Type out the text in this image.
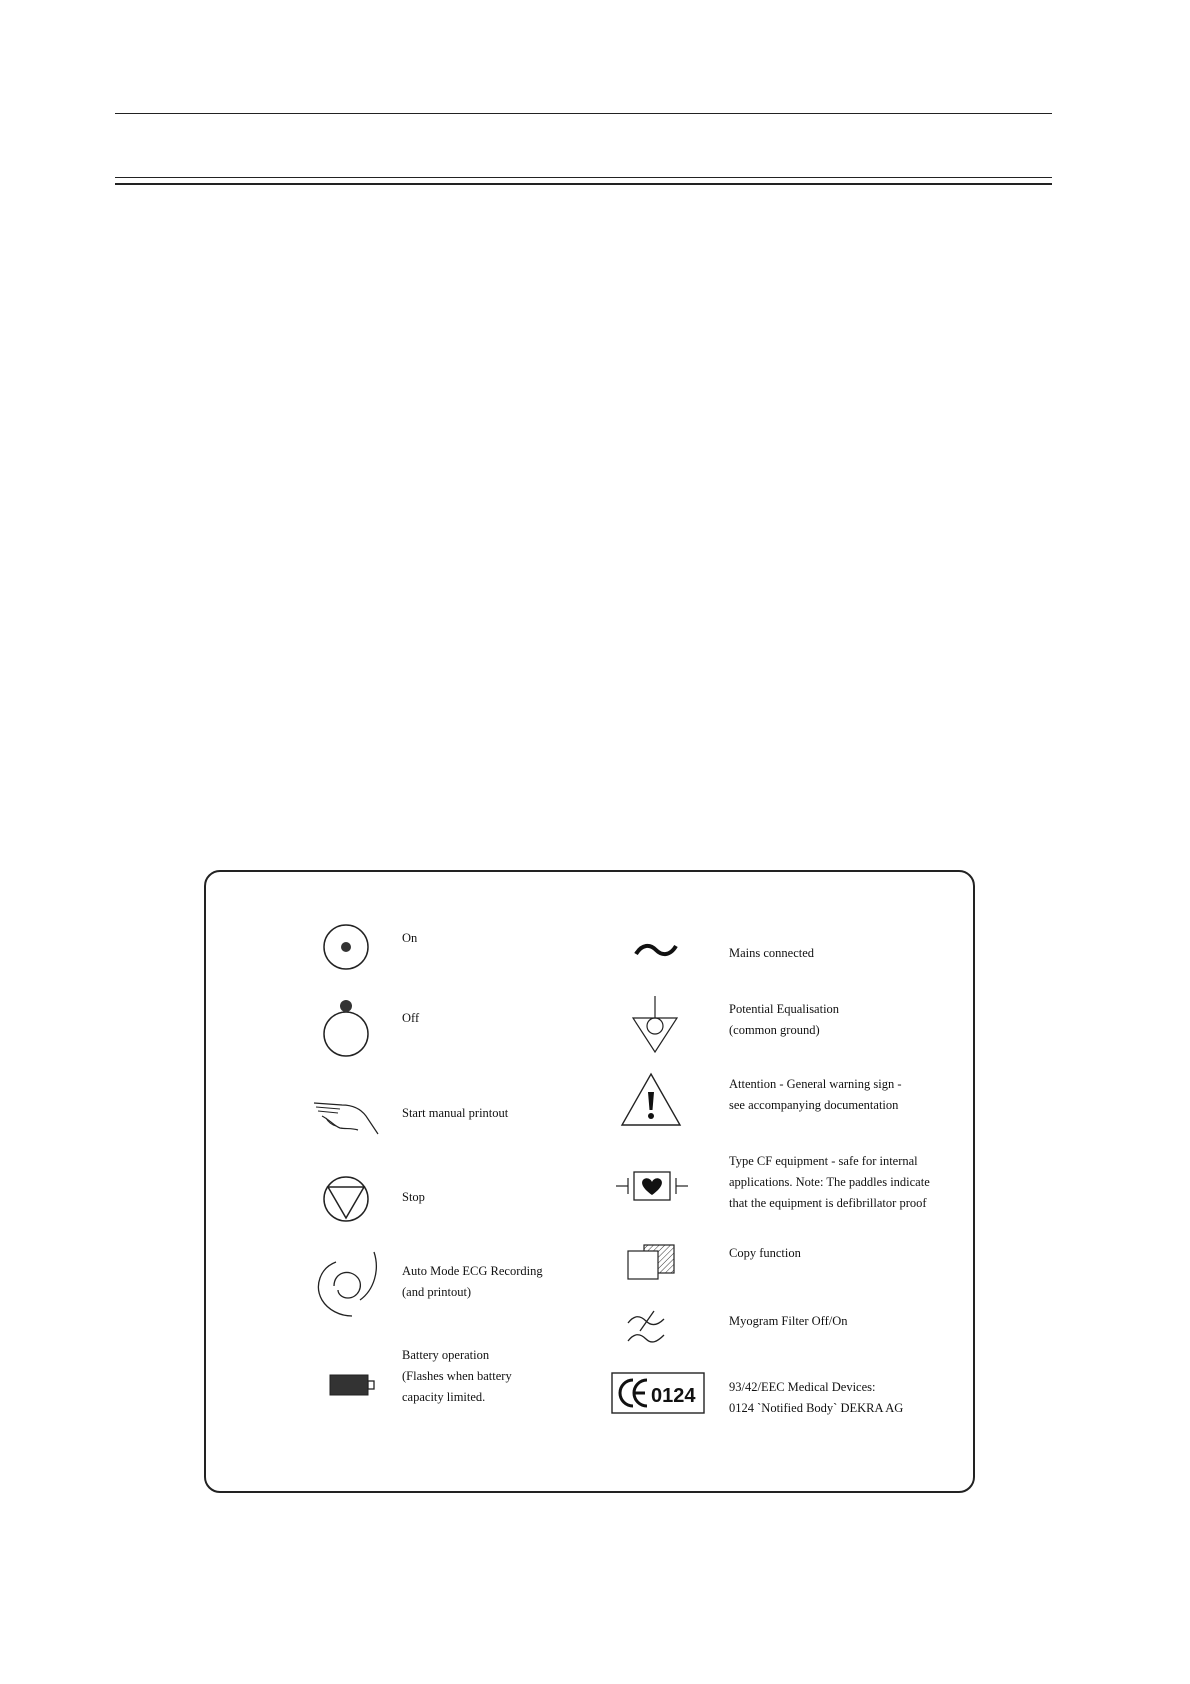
On
Off
Start manual printout
Stop
Auto Mode ECG Recording
(and printout)
Battery operation
(Flashes when battery
capacity limited.
Mains connected
Potential Equalisation
(common ground)
Attention - General warning sign -
see accompanying documentation
Type CF equipment - safe for internal
applications. Note: The paddles indicate
that the equipment is defibrillator proof
Copy function
Myogram Filter Off/On
0124	93/42/EEC Medical Devices:
0124 `Notified Body` DEKRA AG
